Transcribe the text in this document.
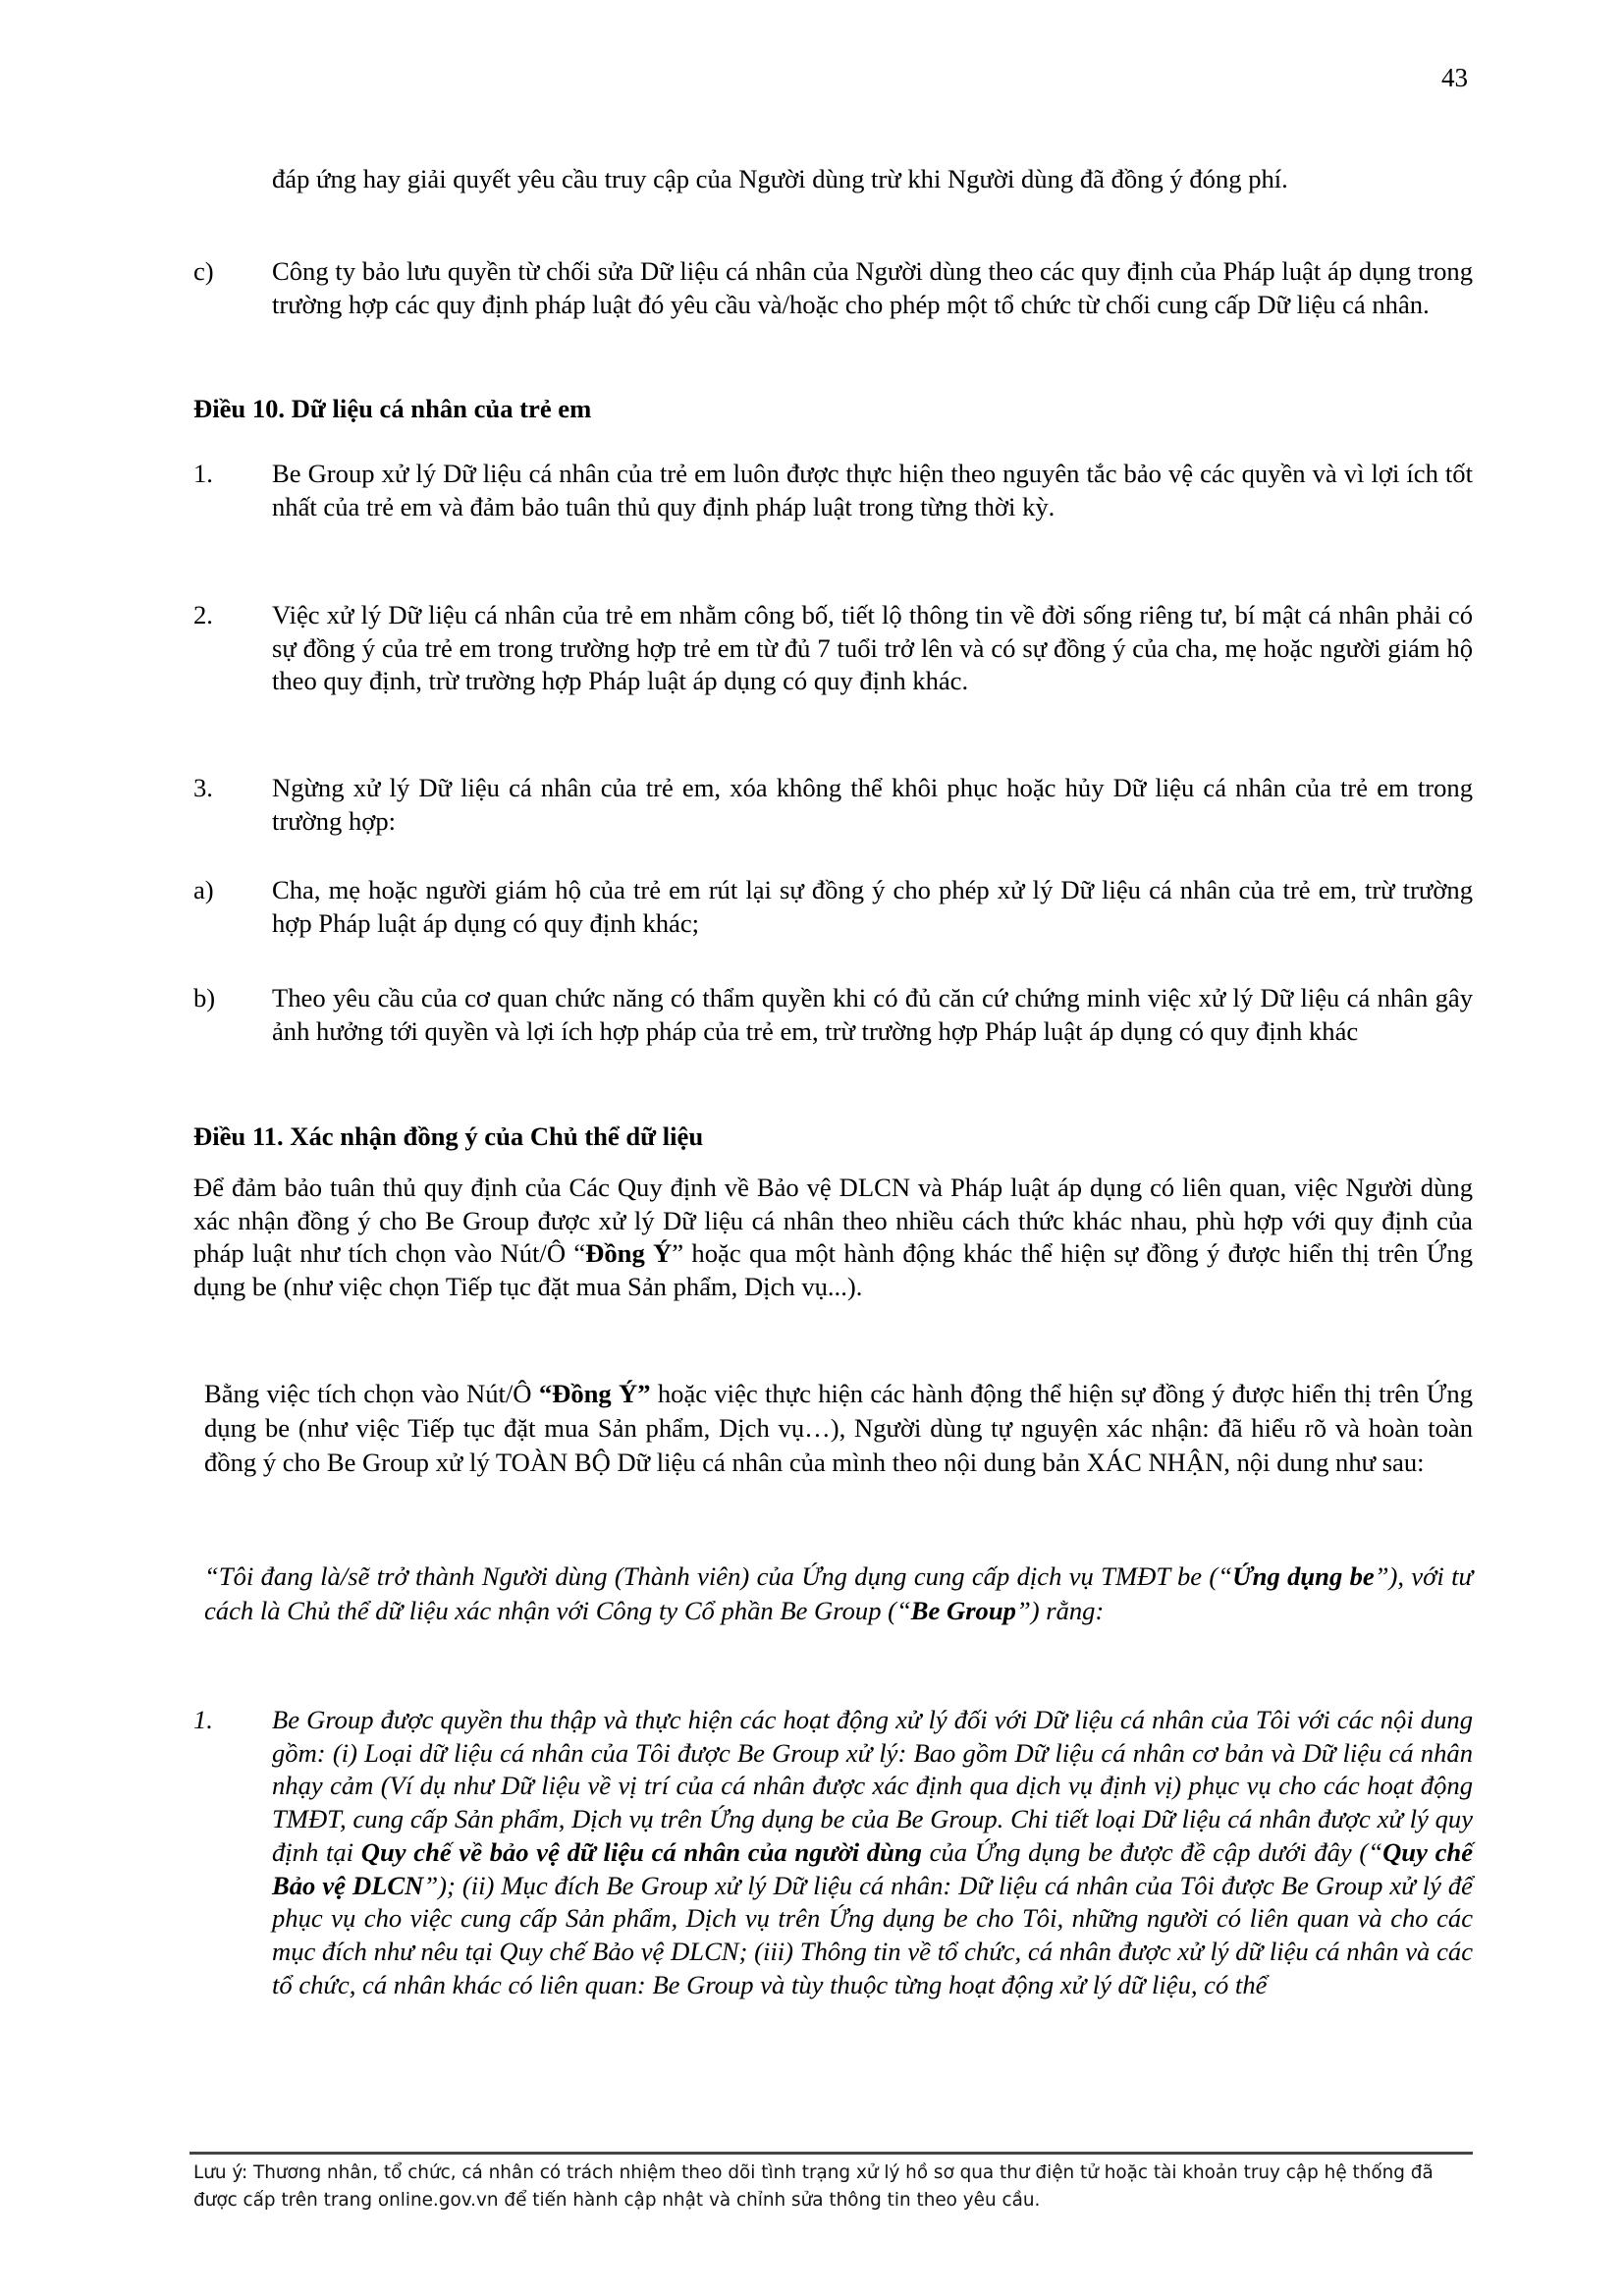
43
đáp ứng hay giải quyết yêu cầu truy cập của Người dùng trừ khi Người dùng đã đồng ý đóng phí.
c)	Công ty bảo lưu quyền từ chối sửa Dữ liệu cá nhân của Người dùng theo các quy định của Pháp luật áp dụng trong trường hợp các quy định pháp luật đó yêu cầu và/hoặc cho phép một tổ chức từ chối cung cấp Dữ liệu cá nhân.
Điều 10. Dữ liệu cá nhân của trẻ em
1.	Be Group xử lý Dữ liệu cá nhân của trẻ em luôn được thực hiện theo nguyên tắc bảo vệ các quyền và vì lợi ích tốt nhất của trẻ em và đảm bảo tuân thủ quy định pháp luật trong từng thời kỳ.
2.	Việc xử lý Dữ liệu cá nhân của trẻ em nhằm công bố, tiết lộ thông tin về đời sống riêng tư, bí mật cá nhân phải có sự đồng ý của trẻ em trong trường hợp trẻ em từ đủ 7 tuổi trở lên và có sự đồng ý của cha, mẹ hoặc người giám hộ theo quy định, trừ trường hợp Pháp luật áp dụng có quy định khác.
3.	Ngừng xử lý Dữ liệu cá nhân của trẻ em, xóa không thể khôi phục hoặc hủy Dữ liệu cá nhân của trẻ em trong trường hợp:
a)	Cha, mẹ hoặc người giám hộ của trẻ em rút lại sự đồng ý cho phép xử lý Dữ liệu cá nhân của trẻ em, trừ trường hợp Pháp luật áp dụng có quy định khác;
b)	Theo yêu cầu của cơ quan chức năng có thẩm quyền khi có đủ căn cứ chứng minh việc xử lý Dữ liệu cá nhân gây ảnh hưởng tới quyền và lợi ích hợp pháp của trẻ em, trừ trường hợp Pháp luật áp dụng có quy định khác
Điều 11. Xác nhận đồng ý của Chủ thể dữ liệu
Để đảm bảo tuân thủ quy định của Các Quy định về Bảo vệ DLCN và Pháp luật áp dụng có liên quan, việc Người dùng xác nhận đồng ý cho Be Group được xử lý Dữ liệu cá nhân theo nhiều cách thức khác nhau, phù hợp với quy định của pháp luật như tích chọn vào Nút/Ô “Đồng Ý” hoặc qua một hành động khác thể hiện sự đồng ý được hiển thị trên Ứng dụng be (như việc chọn Tiếp tục đặt mua Sản phẩm, Dịch vụ...).
Bằng việc tích chọn vào Nút/Ô “Đồng Ý” hoặc việc thực hiện các hành động thể hiện sự đồng ý được hiển thị trên Ứng dụng be (như việc Tiếp tục đặt mua Sản phẩm, Dịch vụ…), Người dùng tự nguyện xác nhận: đã hiểu rõ và hoàn toàn đồng ý cho Be Group xử lý TOÀN BỘ Dữ liệu cá nhân của mình theo nội dung bản XÁC NHẬN, nội dung như sau:
“Tôi đang là/sẽ trở thành Người dùng (Thành viên) của Ứng dụng cung cấp dịch vụ TMĐT be (“Ứng dụng be”), với tư cách là Chủ thể dữ liệu xác nhận với Công ty Cổ phần Be Group (“Be Group”) rằng:
1.	Be Group được quyền thu thập và thực hiện các hoạt động xử lý đối với Dữ liệu cá nhân của Tôi với các nội dung gồm: (i) Loại dữ liệu cá nhân của Tôi được Be Group xử lý: Bao gồm Dữ liệu cá nhân cơ bản và Dữ liệu cá nhân nhạy cảm (Ví dụ như Dữ liệu về vị trí của cá nhân được xác định qua dịch vụ định vị) phục vụ cho các hoạt động TMĐT, cung cấp Sản phẩm, Dịch vụ trên Ứng dụng be của Be Group. Chi tiết loại Dữ liệu cá nhân được xử lý quy định tại Quy chế về bảo vệ dữ liệu cá nhân của người dùng của Ứng dụng be được đề cập dưới đây (“Quy chế Bảo vệ DLCN”); (ii) Mục đích Be Group xử lý Dữ liệu cá nhân: Dữ liệu cá nhân của Tôi được Be Group xử lý để phục vụ cho việc cung cấp Sản phẩm, Dịch vụ trên Ứng dụng be cho Tôi, những người có liên quan và cho các mục đích như nêu tại Quy chế Bảo vệ DLCN; (iii) Thông tin về tổ chức, cá nhân được xử lý dữ liệu cá nhân và các tổ chức, cá nhân khác có liên quan: Be Group và tùy thuộc từng hoạt động xử lý dữ liệu, có thể
Lưu ý: Thương nhân, tổ chức, cá nhân có trách nhiệm theo dõi tình trạng xử lý hồ sơ qua thư điện tử hoặc tài khoản truy cập hệ thống đã được cấp trên trang online.gov.vn để tiến hành cập nhật và chỉnh sửa thông tin theo yêu cầu.
